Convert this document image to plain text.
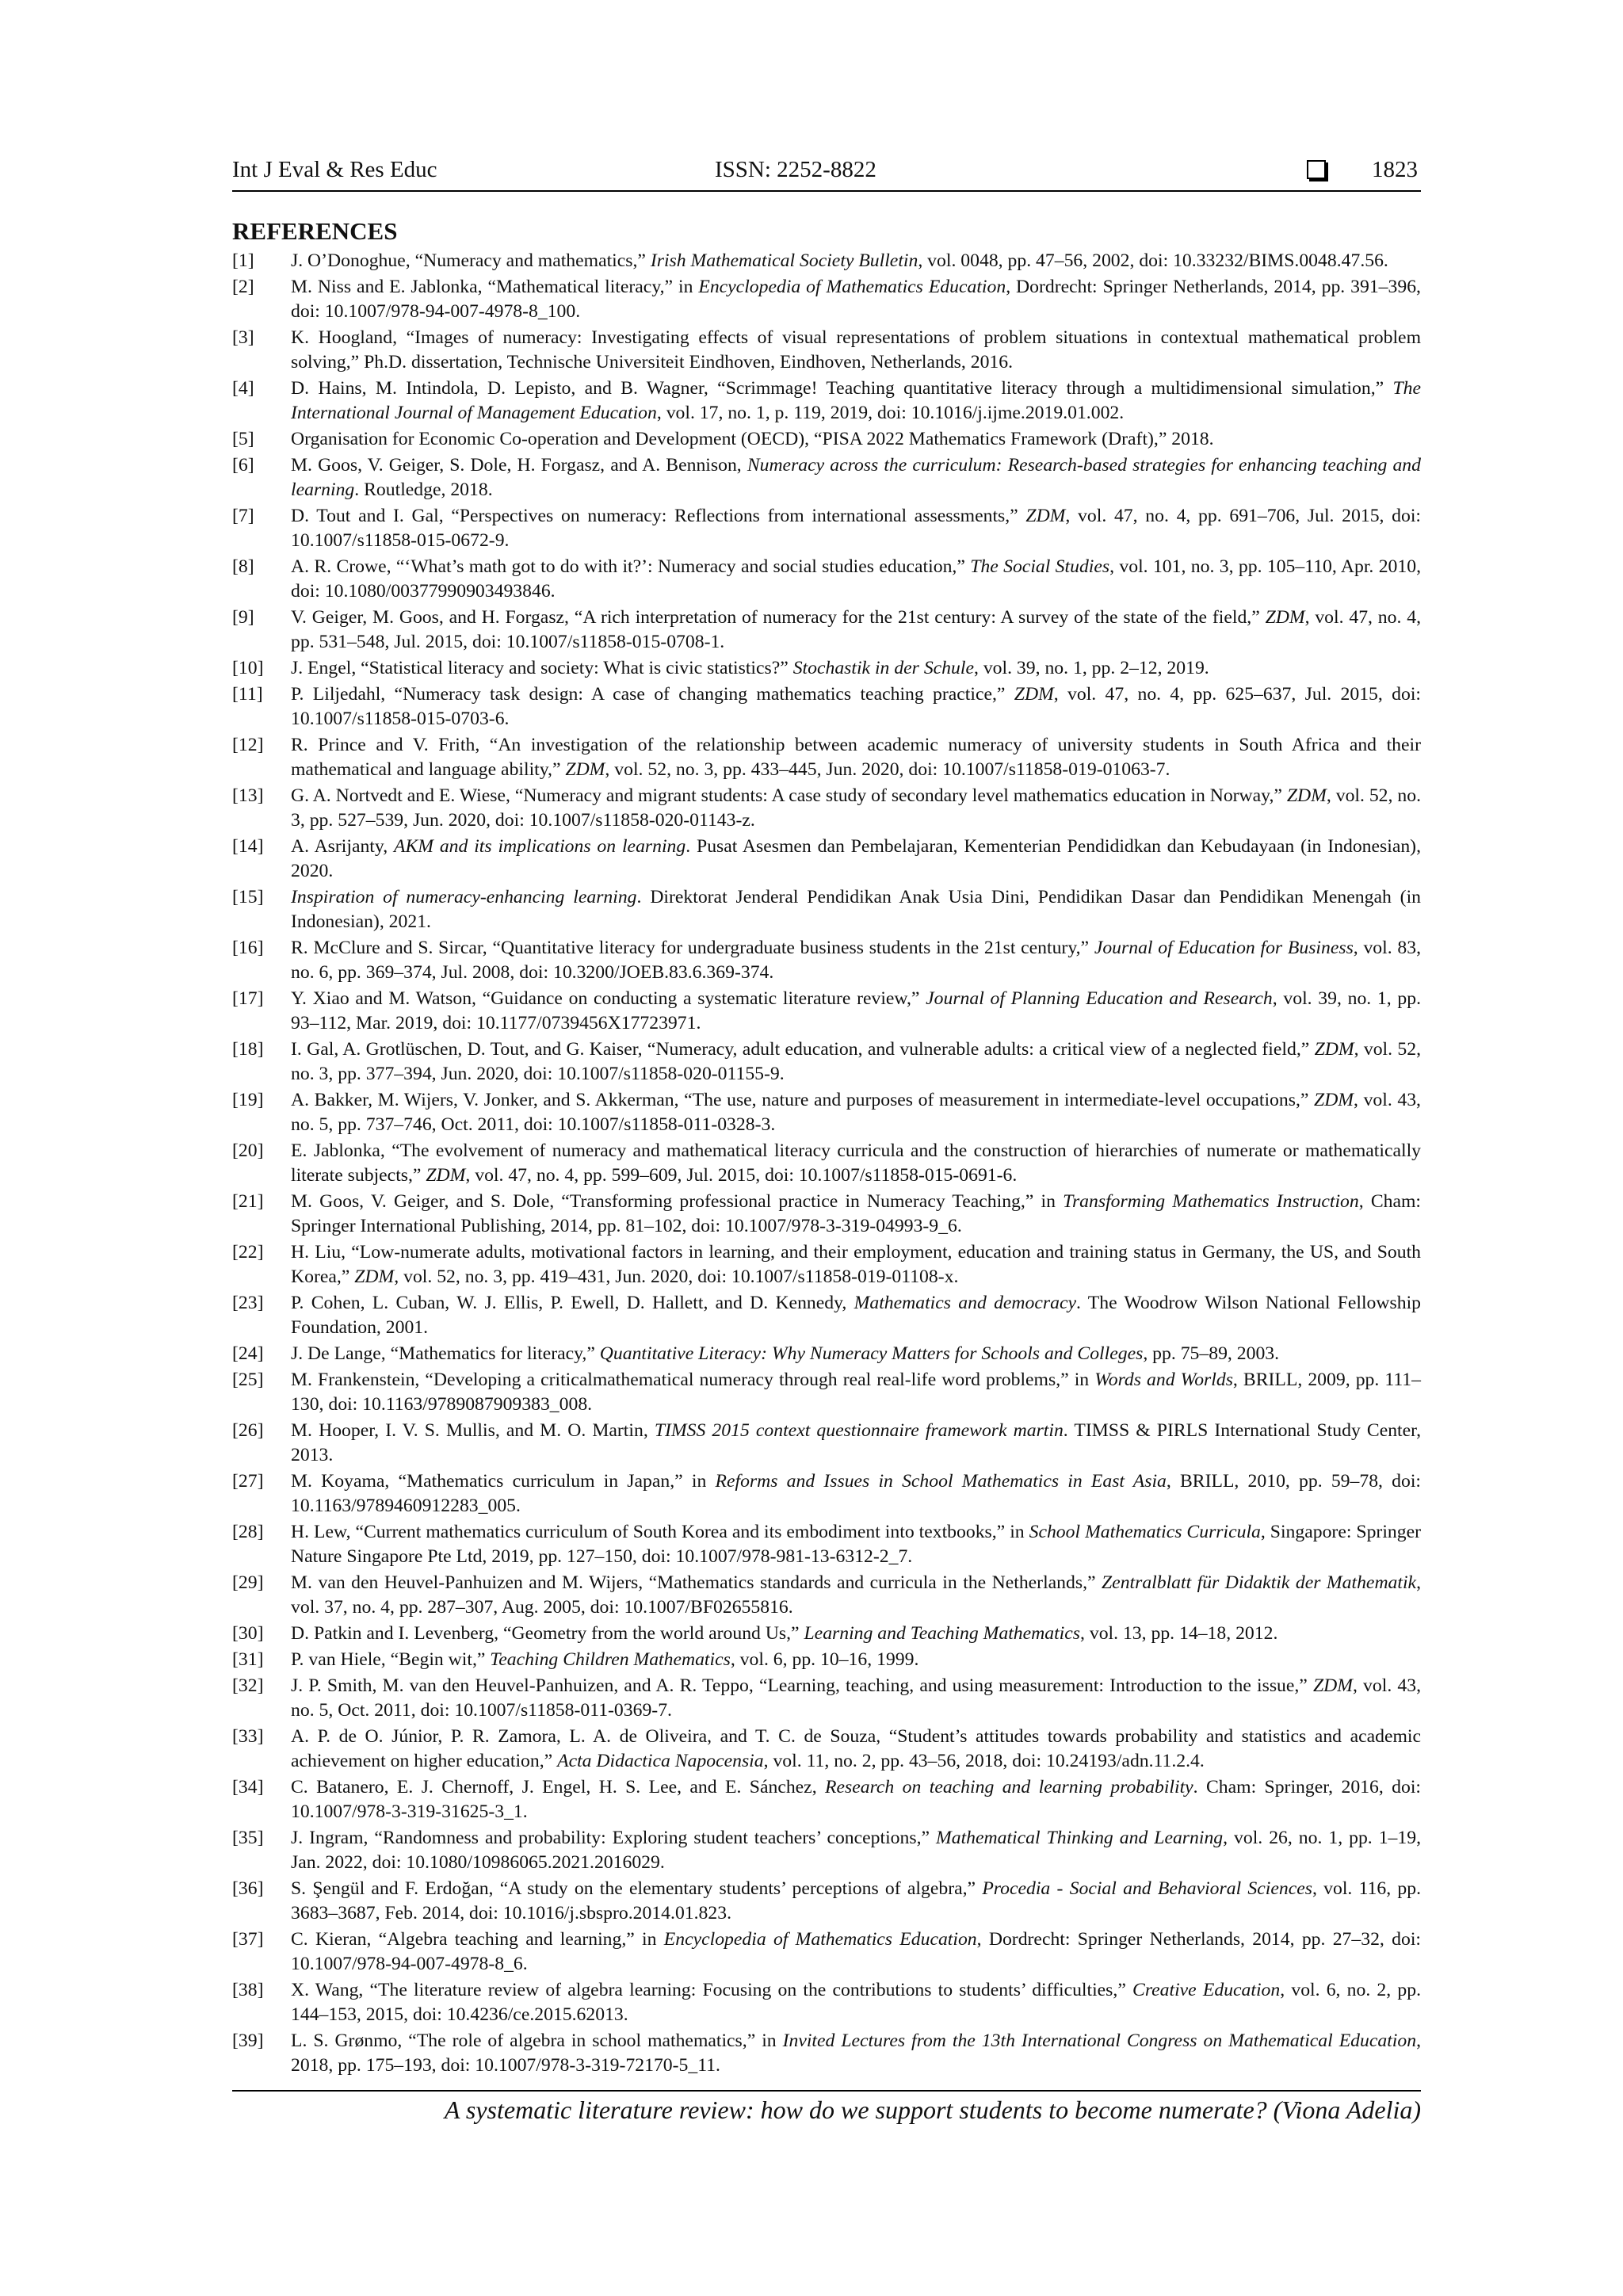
Int J Eval & Res Educ	ISSN: 2252-8822	1823
REFERENCES
[1]	J. O’Donoghue, “Numeracy and mathematics,” Irish Mathematical Society Bulletin, vol. 0048, pp. 47–56, 2002, doi: 10.33232/BIMS.0048.47.56.
[2]	M. Niss and E. Jablonka, “Mathematical literacy,” in Encyclopedia of Mathematics Education, Dordrecht: Springer Netherlands, 2014, pp. 391–396, doi: 10.1007/978-94-007-4978-8_100.
[3]	K. Hoogland, “Images of numeracy: Investigating effects of visual representations of problem situations in contextual mathematical problem solving,” Ph.D. dissertation, Technische Universiteit Eindhoven, Eindhoven, Netherlands, 2016.
[4]	D. Hains, M. Intindola, D. Lepisto, and B. Wagner, “Scrimmage! Teaching quantitative literacy through a multidimensional simulation,” The International Journal of Management Education, vol. 17, no. 1, p. 119, 2019, doi: 10.1016/j.ijme.2019.01.002.
[5]	Organisation for Economic Co-operation and Development (OECD), “PISA 2022 Mathematics Framework (Draft),” 2018.
[6]	M. Goos, V. Geiger, S. Dole, H. Forgasz, and A. Bennison, Numeracy across the curriculum: Research-based strategies for enhancing teaching and learning. Routledge, 2018.
[7]	D. Tout and I. Gal, “Perspectives on numeracy: Reflections from international assessments,” ZDM, vol. 47, no. 4, pp. 691–706, Jul. 2015, doi: 10.1007/s11858-015-0672-9.
[8]	A. R. Crowe, “‘What’s math got to do with it?’: Numeracy and social studies education,” The Social Studies, vol. 101, no. 3, pp. 105–110, Apr. 2010, doi: 10.1080/00377990903493846.
[9]	V. Geiger, M. Goos, and H. Forgasz, “A rich interpretation of numeracy for the 21st century: A survey of the state of the field,” ZDM, vol. 47, no. 4, pp. 531–548, Jul. 2015, doi: 10.1007/s11858-015-0708-1.
[10]	J. Engel, “Statistical literacy and society: What is civic statistics?” Stochastik in der Schule, vol. 39, no. 1, pp. 2–12, 2019.
[11]	P. Liljedahl, “Numeracy task design: A case of changing mathematics teaching practice,” ZDM, vol. 47, no. 4, pp. 625–637, Jul. 2015, doi: 10.1007/s11858-015-0703-6.
[12]	R. Prince and V. Frith, “An investigation of the relationship between academic numeracy of university students in South Africa and their mathematical and language ability,” ZDM, vol. 52, no. 3, pp. 433–445, Jun. 2020, doi: 10.1007/s11858-019-01063-7.
[13]	G. A. Nortvedt and E. Wiese, “Numeracy and migrant students: A case study of secondary level mathematics education in Norway,” ZDM, vol. 52, no. 3, pp. 527–539, Jun. 2020, doi: 10.1007/s11858-020-01143-z.
[14]	A. Asrijanty, AKM and its implications on learning. Pusat Asesmen dan Pembelajaran, Kementerian Pendididkan dan Kebudayaan (in Indonesian), 2020.
[15]	Inspiration of numeracy-enhancing learning. Direktorat Jenderal Pendidikan Anak Usia Dini, Pendidikan Dasar dan Pendidikan Menengah (in Indonesian), 2021.
[16]	R. McClure and S. Sircar, “Quantitative literacy for undergraduate business students in the 21st century,” Journal of Education for Business, vol. 83, no. 6, pp. 369–374, Jul. 2008, doi: 10.3200/JOEB.83.6.369-374.
[17]	Y. Xiao and M. Watson, “Guidance on conducting a systematic literature review,” Journal of Planning Education and Research, vol. 39, no. 1, pp. 93–112, Mar. 2019, doi: 10.1177/0739456X17723971.
[18]	I. Gal, A. Grotlüschen, D. Tout, and G. Kaiser, “Numeracy, adult education, and vulnerable adults: a critical view of a neglected field,” ZDM, vol. 52, no. 3, pp. 377–394, Jun. 2020, doi: 10.1007/s11858-020-01155-9.
[19]	A. Bakker, M. Wijers, V. Jonker, and S. Akkerman, “The use, nature and purposes of measurement in intermediate-level occupations,” ZDM, vol. 43, no. 5, pp. 737–746, Oct. 2011, doi: 10.1007/s11858-011-0328-3.
[20]	E. Jablonka, “The evolvement of numeracy and mathematical literacy curricula and the construction of hierarchies of numerate or mathematically literate subjects,” ZDM, vol. 47, no. 4, pp. 599–609, Jul. 2015, doi: 10.1007/s11858-015-0691-6.
[21]	M. Goos, V. Geiger, and S. Dole, “Transforming professional practice in Numeracy Teaching,” in Transforming Mathematics Instruction, Cham: Springer International Publishing, 2014, pp. 81–102, doi: 10.1007/978-3-319-04993-9_6.
[22]	H. Liu, “Low-numerate adults, motivational factors in learning, and their employment, education and training status in Germany, the US, and South Korea,” ZDM, vol. 52, no. 3, pp. 419–431, Jun. 2020, doi: 10.1007/s11858-019-01108-x.
[23]	P. Cohen, L. Cuban, W. J. Ellis, P. Ewell, D. Hallett, and D. Kennedy, Mathematics and democracy. The Woodrow Wilson National Fellowship Foundation, 2001.
[24]	J. De Lange, “Mathematics for literacy,” Quantitative Literacy: Why Numeracy Matters for Schools and Colleges, pp. 75–89, 2003.
[25]	M. Frankenstein, “Developing a criticalmathematical numeracy through real real-life word problems,” in Words and Worlds, BRILL, 2009, pp. 111–130, doi: 10.1163/9789087909383_008.
[26]	M. Hooper, I. V. S. Mullis, and M. O. Martin, TIMSS 2015 context questionnaire framework martin. TIMSS & PIRLS International Study Center, 2013.
[27]	M. Koyama, “Mathematics curriculum in Japan,” in Reforms and Issues in School Mathematics in East Asia, BRILL, 2010, pp. 59–78, doi: 10.1163/9789460912283_005.
[28]	H. Lew, “Current mathematics curriculum of South Korea and its embodiment into textbooks,” in School Mathematics Curricula, Singapore: Springer Nature Singapore Pte Ltd, 2019, pp. 127–150, doi: 10.1007/978-981-13-6312-2_7.
[29]	M. van den Heuvel-Panhuizen and M. Wijers, “Mathematics standards and curricula in the Netherlands,” Zentralblatt für Didaktik der Mathematik, vol. 37, no. 4, pp. 287–307, Aug. 2005, doi: 10.1007/BF02655816.
[30]	D. Patkin and I. Levenberg, “Geometry from the world around Us,” Learning and Teaching Mathematics, vol. 13, pp. 14–18, 2012.
[31]	P. van Hiele, “Begin wit,” Teaching Children Mathematics, vol. 6, pp. 10–16, 1999.
[32]	J. P. Smith, M. van den Heuvel-Panhuizen, and A. R. Teppo, “Learning, teaching, and using measurement: Introduction to the issue,” ZDM, vol. 43, no. 5, Oct. 2011, doi: 10.1007/s11858-011-0369-7.
[33]	A. P. de O. Júnior, P. R. Zamora, L. A. de Oliveira, and T. C. de Souza, “Student’s attitudes towards probability and statistics and academic achievement on higher education,” Acta Didactica Napocensia, vol. 11, no. 2, pp. 43–56, 2018, doi: 10.24193/adn.11.2.4.
[34]	C. Batanero, E. J. Chernoff, J. Engel, H. S. Lee, and E. Sánchez, Research on teaching and learning probability. Cham: Springer, 2016, doi: 10.1007/978-3-319-31625-3_1.
[35]	J. Ingram, “Randomness and probability: Exploring student teachers’ conceptions,” Mathematical Thinking and Learning, vol. 26, no. 1, pp. 1–19, Jan. 2022, doi: 10.1080/10986065.2021.2016029.
[36]	S. Şengül and F. Erdoğan, “A study on the elementary students’ perceptions of algebra,” Procedia - Social and Behavioral Sciences, vol. 116, pp. 3683–3687, Feb. 2014, doi: 10.1016/j.sbspro.2014.01.823.
[37]	C. Kieran, “Algebra teaching and learning,” in Encyclopedia of Mathematics Education, Dordrecht: Springer Netherlands, 2014, pp. 27–32, doi: 10.1007/978-94-007-4978-8_6.
[38]	X. Wang, “The literature review of algebra learning: Focusing on the contributions to students’ difficulties,” Creative Education, vol. 6, no. 2, pp. 144–153, 2015, doi: 10.4236/ce.2015.62013.
[39]	L. S. Grønmo, “The role of algebra in school mathematics,” in Invited Lectures from the 13th International Congress on Mathematical Education, 2018, pp. 175–193, doi: 10.1007/978-3-319-72170-5_11.
A systematic literature review: how do we support students to become numerate? (Viona Adelia)
